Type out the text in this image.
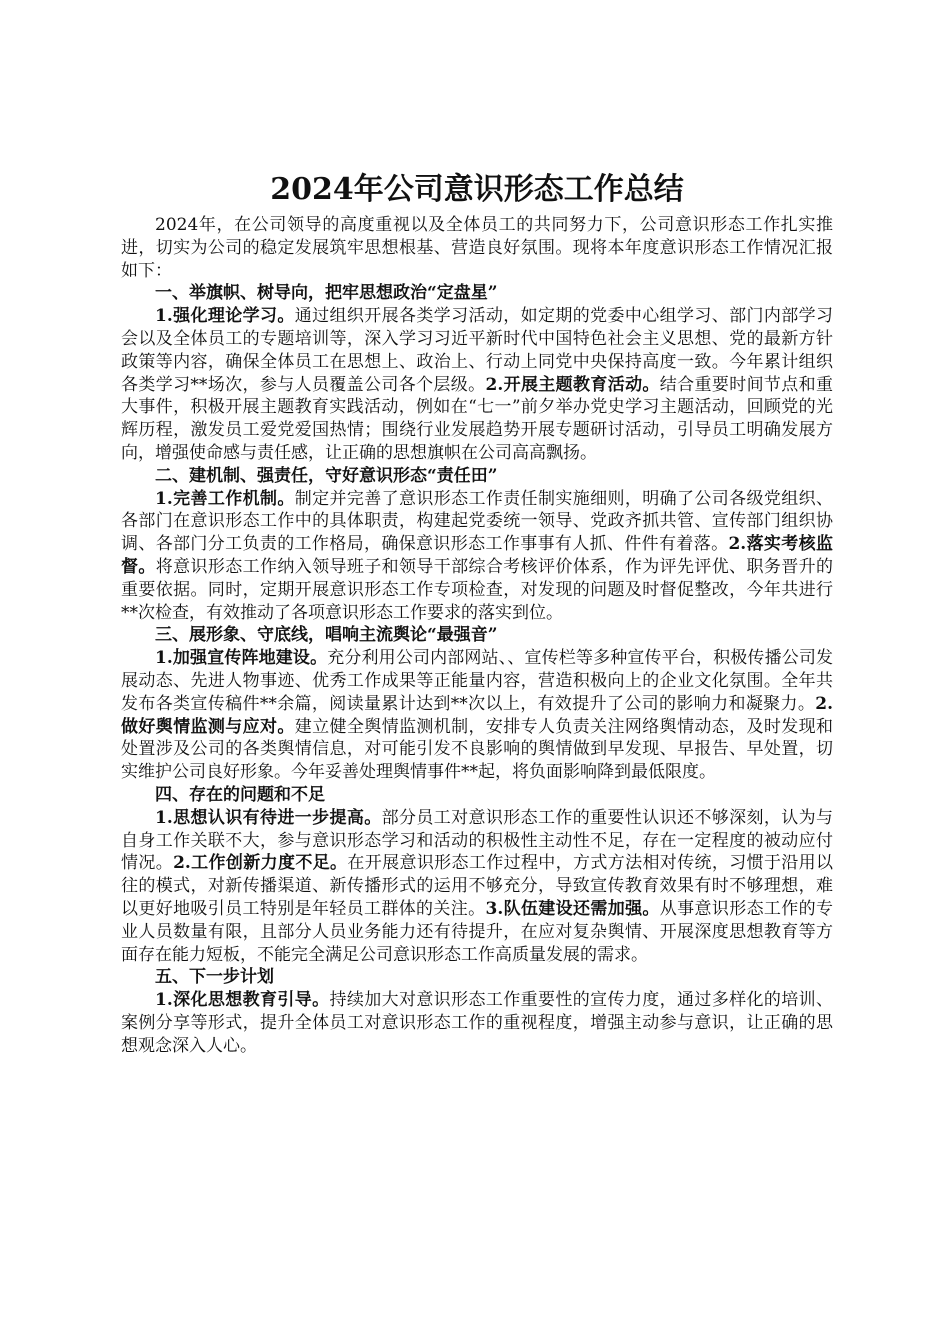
2024年公司意识形态工作总结

2024年，在公司领导的高度重视以及全体员工的共同努力下，公司意识形态工作扎实推进，切实为公司的稳定发展筑牢思想根基、营造良好氛围。现将本年度意识形态工作情况汇报如下：

一、举旗帜、树导向，把牢思想政治“定盘星”

1.强化理论学习。通过组织开展各类学习活动，如定期的党委中心组学习、部门内部学习会以及全体员工的专题培训等，深入学习习近平新时代中国特色社会主义思想、党的最新方针政策等内容，确保全体员工在思想上、政治上、行动上同党中央保持高度一致。今年累计组织各类学习**场次，参与人员覆盖公司各个层级。2.开展主题教育活动。结合重要时间节点和重大事件，积极开展主题教育实践活动，例如在“七一”前夕举办党史学习主题活动，回顾党的光辉历程，激发员工爱党爱国热情；围绕行业发展趋势开展专题研讨活动，引导员工明确发展方向，增强使命感与责任感，让正确的思想旗帜在公司高高飘扬。

二、建机制、强责任，守好意识形态“责任田”

1.完善工作机制。制定并完善了意识形态工作责任制实施细则，明确了公司各级党组织、各部门在意识形态工作中的具体职责，构建起党委统一领导、党政齐抓共管、宣传部门组织协调、各部门分工负责的工作格局，确保意识形态工作事事有人抓、件件有着落。2.落实考核监督。将意识形态工作纳入领导班子和领导干部综合考核评价体系，作为评先评优、职务晋升的重要依据。同时，定期开展意识形态工作专项检查，对发现的问题及时督促整改，今年共进行**次检查，有效推动了各项意识形态工作要求的落实到位。

三、展形象、守底线，唱响主流舆论“最强音”

1.加强宣传阵地建设。充分利用公司内部网站、、宣传栏等多种宣传平台，积极传播公司发展动态、先进人物事迹、优秀工作成果等正能量内容，营造积极向上的企业文化氛围。全年共发布各类宣传稿件**余篇，阅读量累计达到**次以上，有效提升了公司的影响力和凝聚力。2.做好舆情监测与应对。建立健全舆情监测机制，安排专人负责关注网络舆情动态，及时发现和处置涉及公司的各类舆情信息，对可能引发不良影响的舆情做到早发现、早报告、早处置，切实维护公司良好形象。今年妥善处理舆情事件**起，将负面影响降到最低限度。

四、存在的问题和不足

1.思想认识有待进一步提高。部分员工对意识形态工作的重要性认识还不够深刻，认为与自身工作关联不大，参与意识形态学习和活动的积极性主动性不足，存在一定程度的被动应付情况。2.工作创新力度不足。在开展意识形态工作过程中，方式方法相对传统，习惯于沿用以往的模式，对新传播渠道、新传播形式的运用不够充分，导致宣传教育效果有时不够理想，难以更好地吸引员工特别是年轻员工群体的关注。3.队伍建设还需加强。从事意识形态工作的专业人员数量有限，且部分人员业务能力还有待提升，在应对复杂舆情、开展深度思想教育等方面存在能力短板，不能完全满足公司意识形态工作高质量发展的需求。

五、下一步计划

1.深化思想教育引导。持续加大对意识形态工作重要性的宣传力度，通过多样化的培训、案例分享等形式，提升全体员工对意识形态工作的重视程度，增强主动参与意识，让正确的思想观念深入人心。
